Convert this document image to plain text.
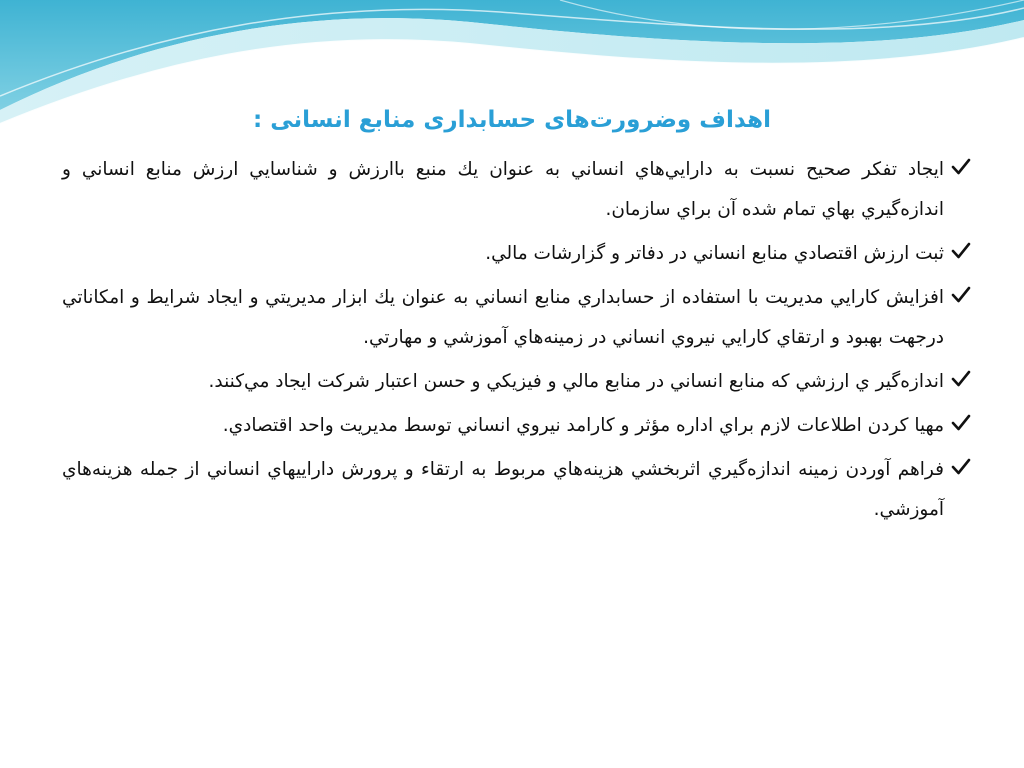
اهداف وضرورت‌های حسابداری منابع انسانی :
ايجاد تفكر صحيح نسبت به دارايي‌هاي انساني به عنوان يك منبع باارزش و شناسايي ارزش منابع انساني و اندازه‌گيري بهاي تمام شده آن براي سازمان.
ثبت ارزش اقتصادي منابع انساني در دفاتر و گزارشات مالي.
افزايش كارايي مديريت با استفاده از حسابداري منابع انساني به عنوان يك ابزار مديريتي و ايجاد شرايط و امكاناتي درجهت بهبود و ارتقاي كارايي نيروي انساني در زمينه‌هاي آموزشي و مهارتي.
اندازه‌گير ي ارزشي كه منابع انساني در منابع مالي و فيزيكي و حسن اعتبار شركت ايجاد مي‌كنند.
مهيا كردن اطلاعات لازم براي اداره مؤثر و كارامد نيروي انساني توسط مديريت واحد اقتصادي.
فراهم آوردن زمينه اندازه‌گيري اثربخشي هزينه‌هاي مربوط به ارتقاء و پرورش داراييهاي انساني از جمله هزينه‌هاي آموزشي.
